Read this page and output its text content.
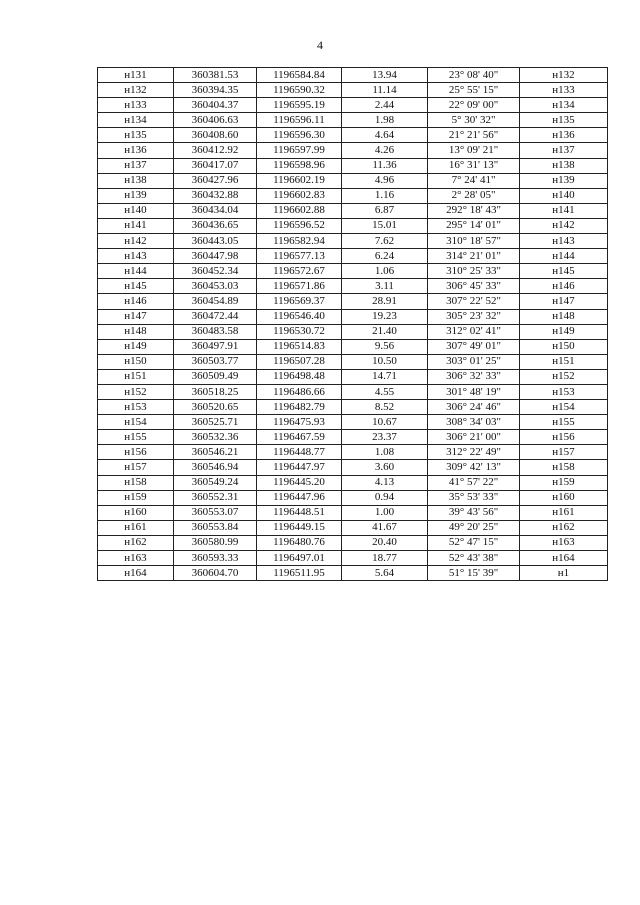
4
н131	360381.53	1196584.84	13.94	23° 08' 40"	н132
н132	360394.35	1196590.32	11.14	25° 55' 15"	н133
н133	360404.37	1196595.19	2.44	22° 09' 00"	н134
н134	360406.63	1196596.11	1.98	5° 30' 32"	н135
н135	360408.60	1196596.30	4.64	21° 21' 56"	н136
н136	360412.92	1196597.99	4.26	13° 09' 21"	н137
н137	360417.07	1196598.96	11.36	16° 31' 13"	н138
н138	360427.96	1196602.19	4.96	7° 24' 41"	н139
н139	360432.88	1196602.83	1.16	2° 28' 05"	н140
н140	360434.04	1196602.88	6.87	292° 18' 43"	н141
н141	360436.65	1196596.52	15.01	295° 14' 01"	н142
н142	360443.05	1196582.94	7.62	310° 18' 57"	н143
н143	360447.98	1196577.13	6.24	314° 21' 01"	н144
н144	360452.34	1196572.67	1.06	310° 25' 33"	н145
н145	360453.03	1196571.86	3.11	306° 45' 33"	н146
н146	360454.89	1196569.37	28.91	307° 22' 52"	н147
н147	360472.44	1196546.40	19.23	305° 23' 32"	н148
н148	360483.58	1196530.72	21.40	312° 02' 41"	н149
н149	360497.91	1196514.83	9.56	307° 49' 01"	н150
н150	360503.77	1196507.28	10.50	303° 01' 25"	н151
н151	360509.49	1196498.48	14.71	306° 32' 33"	н152
н152	360518.25	1196486.66	4.55	301° 48' 19"	н153
н153	360520.65	1196482.79	8.52	306° 24' 46"	н154
н154	360525.71	1196475.93	10.67	308° 34' 03"	н155
н155	360532.36	1196467.59	23.37	306° 21' 00"	н156
н156	360546.21	1196448.77	1.08	312° 22' 49"	н157
н157	360546.94	1196447.97	3.60	309° 42' 13"	н158
н158	360549.24	1196445.20	4.13	41° 57' 22"	н159
н159	360552.31	1196447.96	0.94	35° 53' 33"	н160
н160	360553.07	1196448.51	1.00	39° 43' 56"	н161
н161	360553.84	1196449.15	41.67	49° 20' 25"	н162
н162	360580.99	1196480.76	20.40	52° 47' 15"	н163
н163	360593.33	1196497.01	18.77	52° 43' 38"	н164
н164	360604.70	1196511.95	5.64	51° 15' 39"	н1
